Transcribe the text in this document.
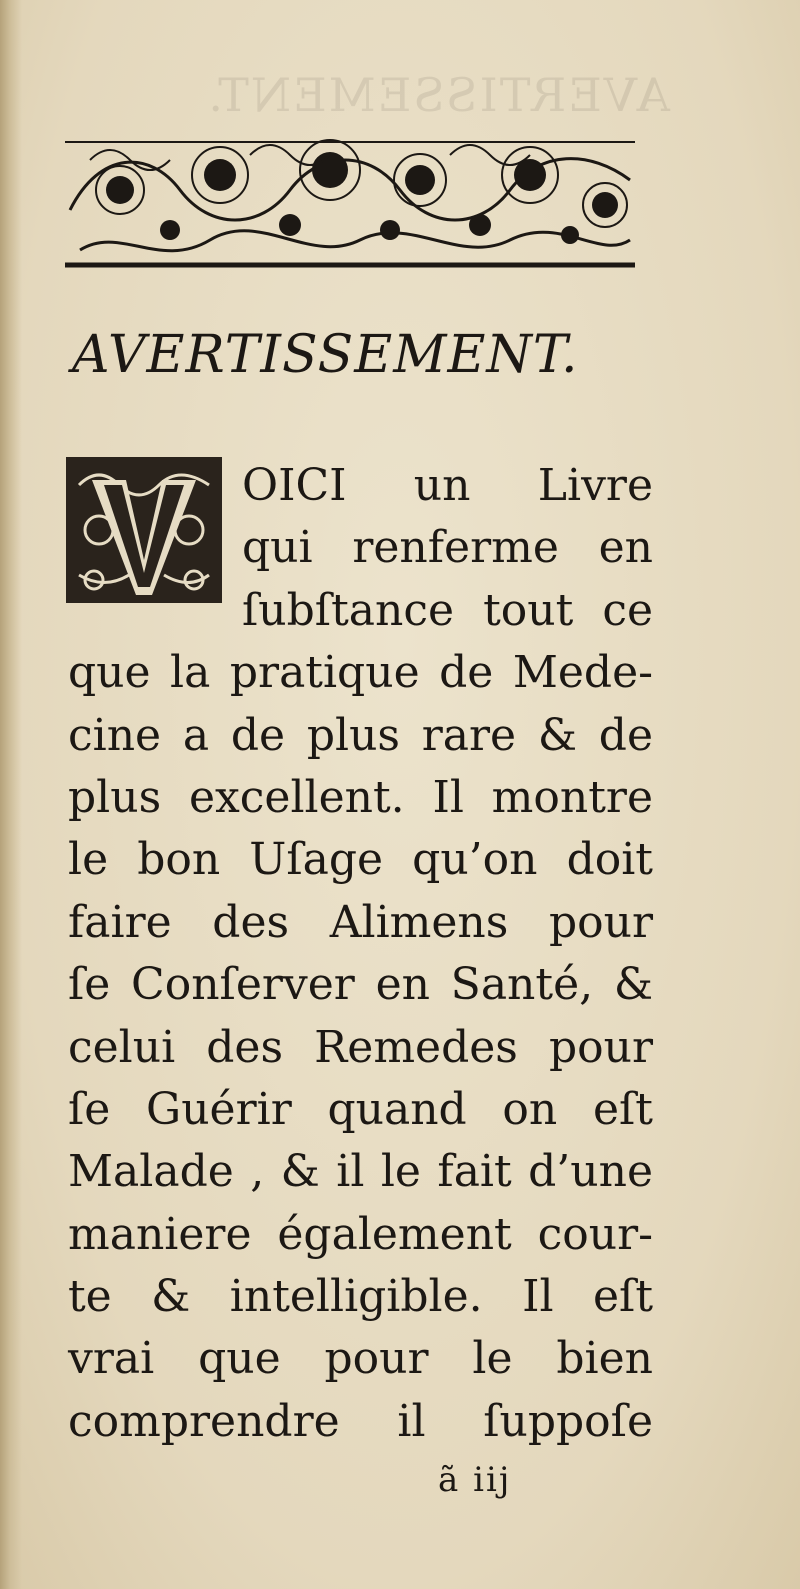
AVERTISSEMENT.
AVERTISSEMENT.
OICI un Livre
qui renferme en
ſubſtance tout ce
que la pratique de Mede-
cine a de plus rare & de
plus excellent. Il montre
le bon Uſage qu’on doit
faire des Alimens pour
ſe Conſerver en Santé, &
celui des Remedes pour
ſe Guérir quand on eſt
Malade , & il le fait d’une
maniere également cour-
te & intelligible. Il eſt
vrai que pour le bien
comprendre il ſuppoſe
ã iij
